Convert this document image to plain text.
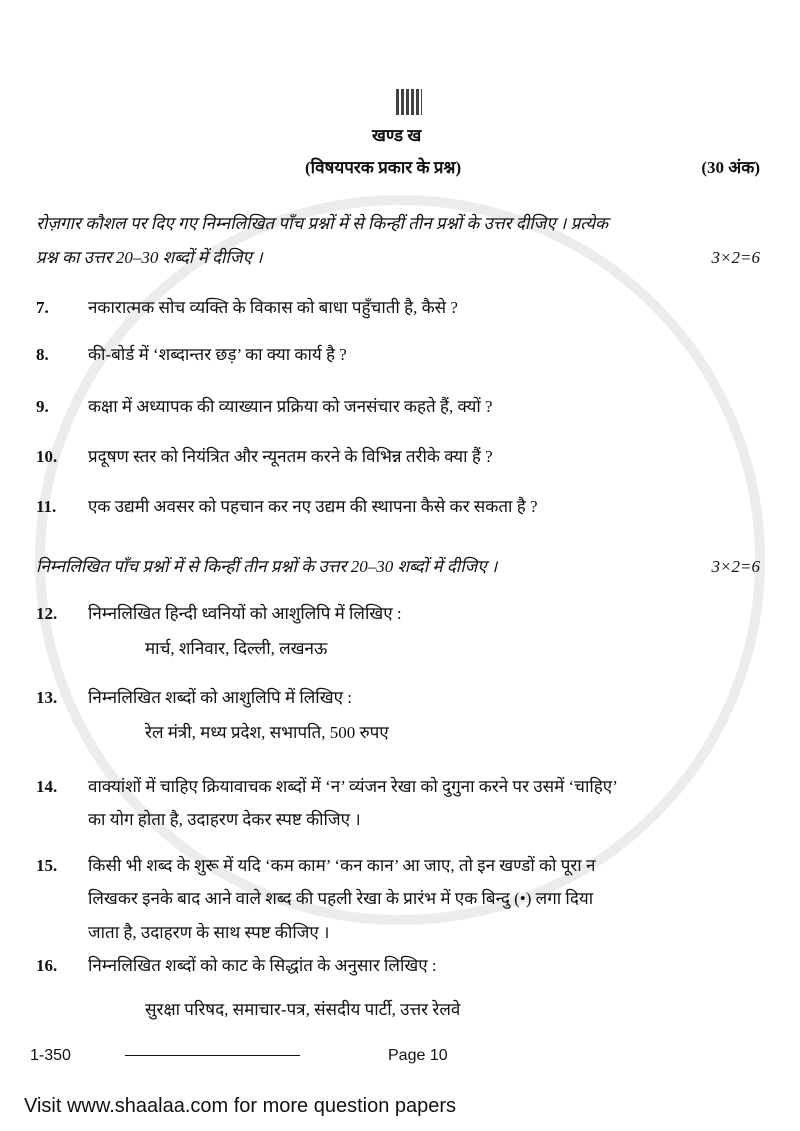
खण्ड ख
(विषयपरक प्रकार के प्रश्न)	(30 अंक)
रोज़गार कौशल पर दिए गए निम्नलिखित पाँच प्रश्नों में से किन्हीं तीन प्रश्नों के उत्तर दीजिए । प्रत्येक
प्रश्न का उत्तर 20–30 शब्दों में दीजिए ।	3×2=6
7. नकारात्मक सोच व्यक्ति के विकास को बाधा पहुँचाती है, कैसे ?
8. की-बोर्ड में ‘शब्दान्तर छड़’ का क्या कार्य है ?
9. कक्षा में अध्यापक की व्याख्यान प्रक्रिया को जनसंचार कहते हैं, क्यों ?
10. प्रदूषण स्तर को नियंत्रित और न्यूनतम करने के विभिन्न तरीके क्या हैं ?
11. एक उद्यमी अवसर को पहचान कर नए उद्यम की स्थापना कैसे कर सकता है ?
निम्नलिखित पाँच प्रश्नों में से किन्हीं तीन प्रश्नों के उत्तर 20–30 शब्दों में दीजिए ।	3×2=6
12. निम्नलिखित हिन्दी ध्वनियों को आशुलिपि में लिखिए :
मार्च, शनिवार, दिल्ली, लखनऊ
13. निम्नलिखित शब्दों को आशुलिपि में लिखिए :
रेल मंत्री, मध्य प्रदेश, सभापति, 500 रुपए
14. वाक्यांशों में चाहिए क्रियावाचक शब्दों में ‘न’ व्यंजन रेखा को दुगुना करने पर उसमें ‘चाहिए’
का योग होता है, उदाहरण देकर स्पष्ट कीजिए ।
15. किसी भी शब्द के शुरू में यदि ‘कम काम’ ‘कन कान’ आ जाए, तो इन खण्डों को पूरा न
लिखकर इनके बाद आने वाले शब्द की पहली रेखा के प्रारंभ में एक बिन्दु (•) लगा दिया
जाता है, उदाहरण के साथ स्पष्ट कीजिए ।
16. निम्नलिखित शब्दों को काट के सिद्धांत के अनुसार लिखिए :
सुरक्षा परिषद, समाचार-पत्र, संसदीय पार्टी, उत्तर रेलवे
1-350	Page 10
Visit www.shaalaa.com for more question papers
